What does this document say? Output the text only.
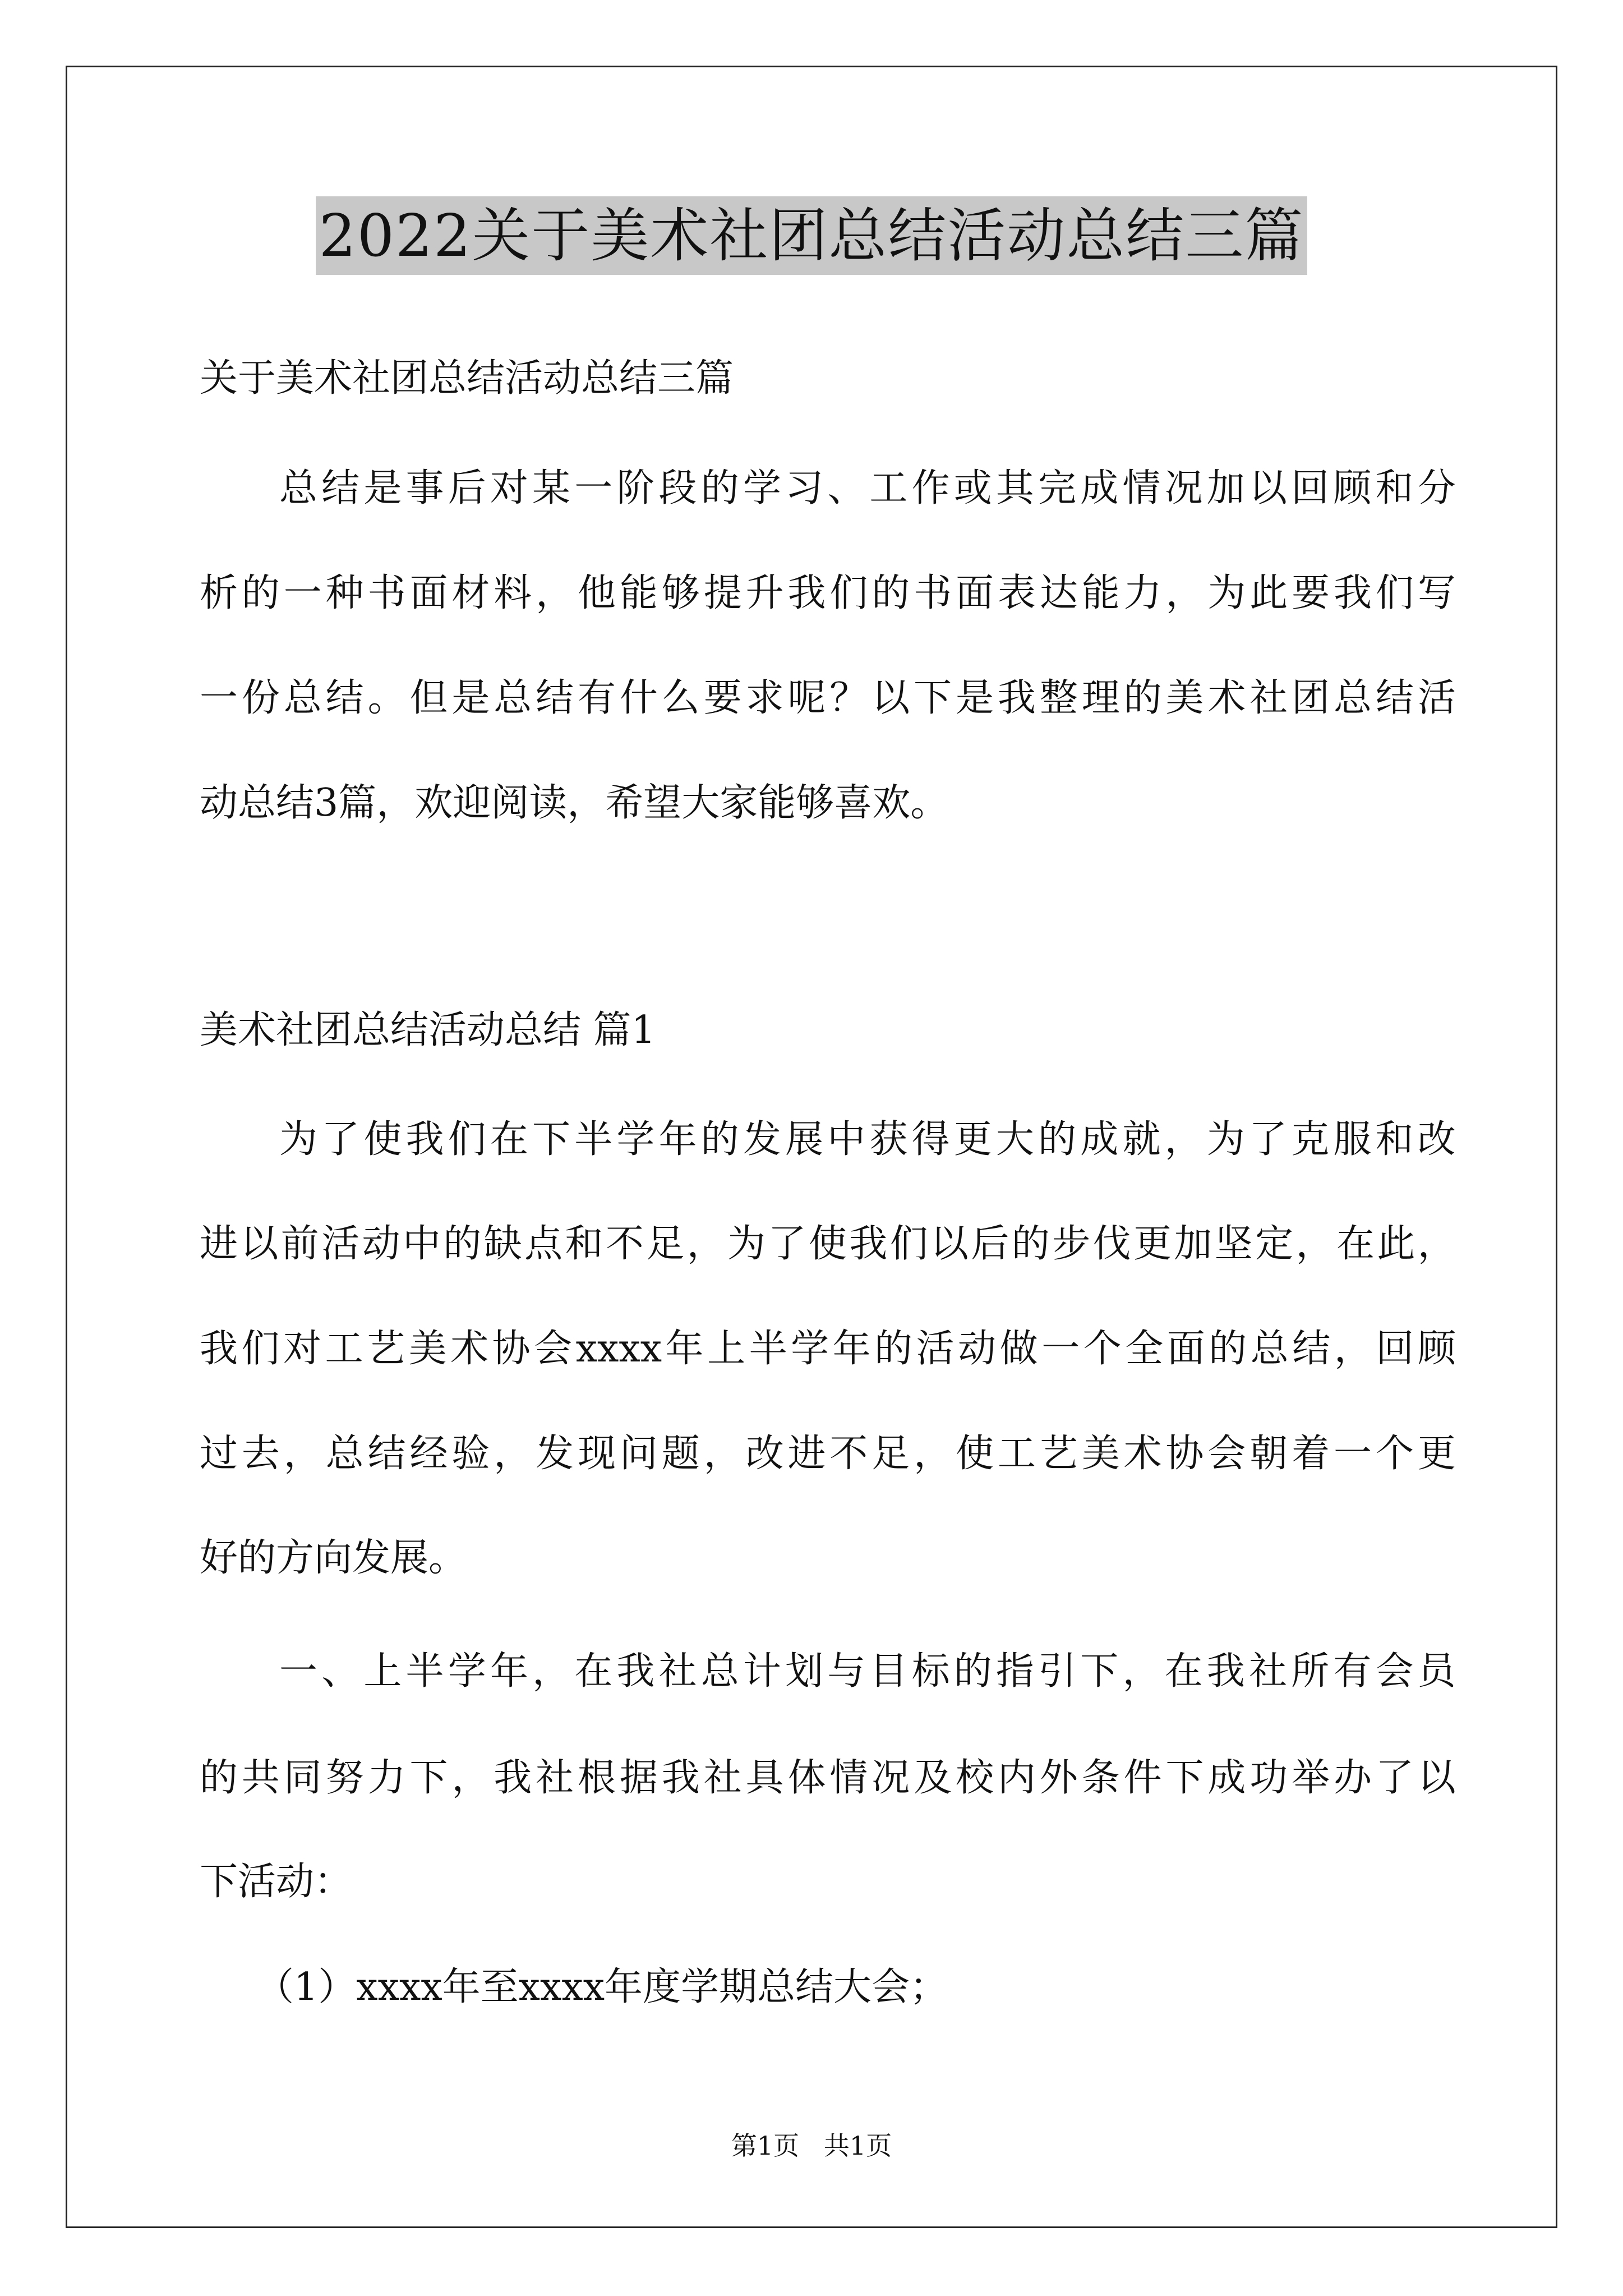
2022关于美术社团总结活动总结三篇
关于美术社团总结活动总结三篇
总 结 是 事 后 对 某 一 阶 段 的 学 习 、 工 作 或 其 完 成 情 况 加 以 回 顾 和 分
析 的 一 种 书 面 材 料 ， 他 能 够 提 升 我 们 的 书 面 表 达 能 力 ， 为 此 要 我 们 写
一 份 总 结 。 但 是 总 结 有 什 么 要 求 呢 ？ 以 下 是 我 整 理 的 美 术 社 团 总 结 活
动总结3篇，欢迎阅读，希望大家能够喜欢。
美术社团总结活动总结 篇1
为 了 使 我 们 在 下 半 学 年 的 发 展 中 获 得 更 大 的 成 就 ， 为 了 克 服 和 改
进 以 前 活 动 中 的 缺 点 和 不 足 ， 为 了 使 我 们 以 后 的 步 伐 更 加 坚 定 ， 在 此 ，
我 们 对 工 艺 美 术 协 会 xxxx 年 上 半 学 年 的 活 动 做 一 个 全 面 的 总 结 ， 回 顾
过 去 ， 总 结 经 验 ， 发 现 问 题 ， 改 进 不 足 ， 使 工 艺 美 术 协 会 朝 着 一 个 更
好的方向发展。
一 、 上 半 学 年 ， 在 我 社 总 计 划 与 目 标 的 指 引 下 ， 在 我 社 所 有 会 员
的 共 同 努 力 下 ， 我 社 根 据 我 社 具 体 情 况 及 校 内 外 条 件 下 成 功 举 办 了 以
下活动：
（1）xxxx年至xxxx年度学期总结大会；
第1页   共1页
